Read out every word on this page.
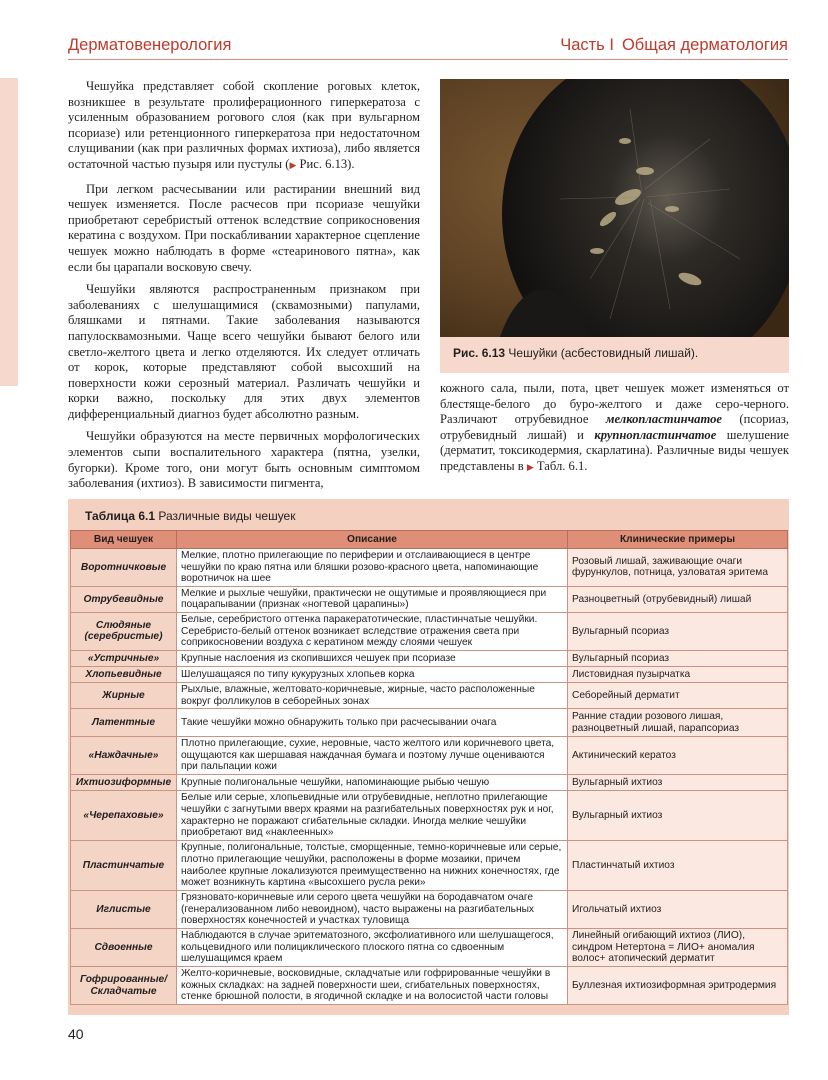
Дерматовенерология	Часть I Общая дерматология

Чешуйка представляет собой скопление роговых клеток, возникшее в результате пролиферационного гиперкератоза с усиленным образованием рогового слоя (как при вульгарном псориазе) или ретенционного гиперкератоза при недостаточном слущивании (как при различных формах ихтиоза), либо является остаточной частью пузыря или пустулы (▶ Рис. 6.13).

При легком расчесывании или растирании внешний вид чешуек изменяется. После расчесов при псориазе чешуйки приобретают серебристый оттенок вследствие соприкосновения кератина с воздухом. При поскабливании характерное сцепление чешуек можно наблюдать в форме «стеаринового пятна», как если бы царапали восковую свечу.

Чешуйки являются распространенным признаком при заболеваниях с шелушащимися (сквамозными) папулами, бляшками и пятнами. Такие заболевания называются папулосквамозными. Чаще всего чешуйки бывают белого или светло-желтого цвета и легко отделяются. Их следует отличать от корок, которые представляют собой высохший на поверхности кожи серозный материал. Различать чешуйки и корки важно, поскольку для этих двух элементов дифференциальный диагноз будет абсолютно разным.

Чешуйки образуются на месте первичных морфологических элементов сыпи воспалительного характера (пятна, узелки, бугорки). Кроме того, они могут быть основным симптомом заболевания (ихтиоз). В зависимости пигмента,

Рис. 6.13 Чешуйки (асбестовидный лишай).
кожного сала, пыли, пота, цвет чешуек может изменяться от блестяще-белого до буро-желтого и даже серо-черного. Различают отрубевидное мелкопластинчатое (псориаз, отрубевидный лишай) и крупнопластинчатое шелушение (дерматит, токсикодермия, скарлатина). Различные виды чешуек представлены в ▶ Табл. 6.1.
Таблица 6.1 Различные виды чешуек
Вид чешуек	Описание	Клинические примеры
Воротничковые	Мелкие, плотно прилегающие по периферии и отслаивающиеся в центре чешуйки по краю пятна или бляшки розово-красного цвета, напоминающие воротничок на шее	Розовый лишай, заживающие очаги фурункулов, потница, узловатая эритема
Отрубевидные	Мелкие и рыхлые чешуйки, практически не ощутимые и проявляющиеся при поцарапывании (признак «ногтевой царапины»)	Разноцветный (отрубевидный) лишай
Слюдяные (серебристые)	Белые, серебристого оттенка паракератотические, пластинчатые чешуйки. Серебристо-белый оттенок возникает вследствие отражения света при соприкосновении воздуха с кератином между слоями чешуек	Вульгарный псориаз
«Устричные»	Крупные наслоения из скопившихся чешуек при псориазе	Вульгарный псориаз
Хлопьевидные	Шелушащаяся по типу кукурузных хлопьев корка	Листовидная пузырчатка
Жирные	Рыхлые, влажные, желтовато-коричневые, жирные, часто расположенные вокруг фолликулов в себорейных зонах	Себорейный дерматит
Латентные	Такие чешуйки можно обнаружить только при расчесывании очага	Ранние стадии розового лишая, разноцветный лишай, парапсориаз
«Наждачные»	Плотно прилегающие, сухие, неровные, часто желтого или коричневого цвета, ощущаются как шершавая наждачная бумага и поэтому лучше оцениваются при пальпации кожи	Актинический кератоз
Ихтиозиформные	Крупные полигональные чешуйки, напоминающие рыбью чешую	Вульгарный ихтиоз
«Черепаховые»	Белые или серые, хлопьевидные или отрубевидные, неплотно прилегающие чешуйки с загнутыми вверх краями на разгибательных поверхностях рук и ног, характерно не поражают сгибательные складки. Иногда мелкие чешуйки приобретают вид «наклеенных»	Вульгарный ихтиоз
Пластинчатые	Крупные, полигональные, толстые, сморщенные, темно-коричневые или серые, плотно прилегающие чешуйки, расположены в форме мозаики, причем наиболее крупные локализуются преимущественно на нижних конечностях, где может возникнуть картина «высохшего русла реки»	Пластинчатый ихтиоз
Иглистые	Грязновато-коричневые или серого цвета чешуйки на бородавчатом очаге (генерализованном либо невоидном), часто выражены на разгибательных поверхностях конечностей и участках туловища	Игольчатый ихтиоз
Сдвоенные	Наблюдаются в случае эритематозного, эксфолиативного или шелушащегося, кольцевидного или полициклического плоского пятна со сдвоенным шелушащимся краем	Линейный огибающий ихтиоз (ЛИО), синдром Нетертона = ЛИО+ аномалия волос+ атопический дерматит
Гофрированные/ Складчатые	Желто-коричневые, восковидные, складчатые или гофрированные чешуйки в кожных складках: на задней поверхности шеи, сгибательных поверхностях, стенке брюшной полости, в ягодичной складке и на волосистой части головы	Буллезная ихтиозиформная эритродермия
40
